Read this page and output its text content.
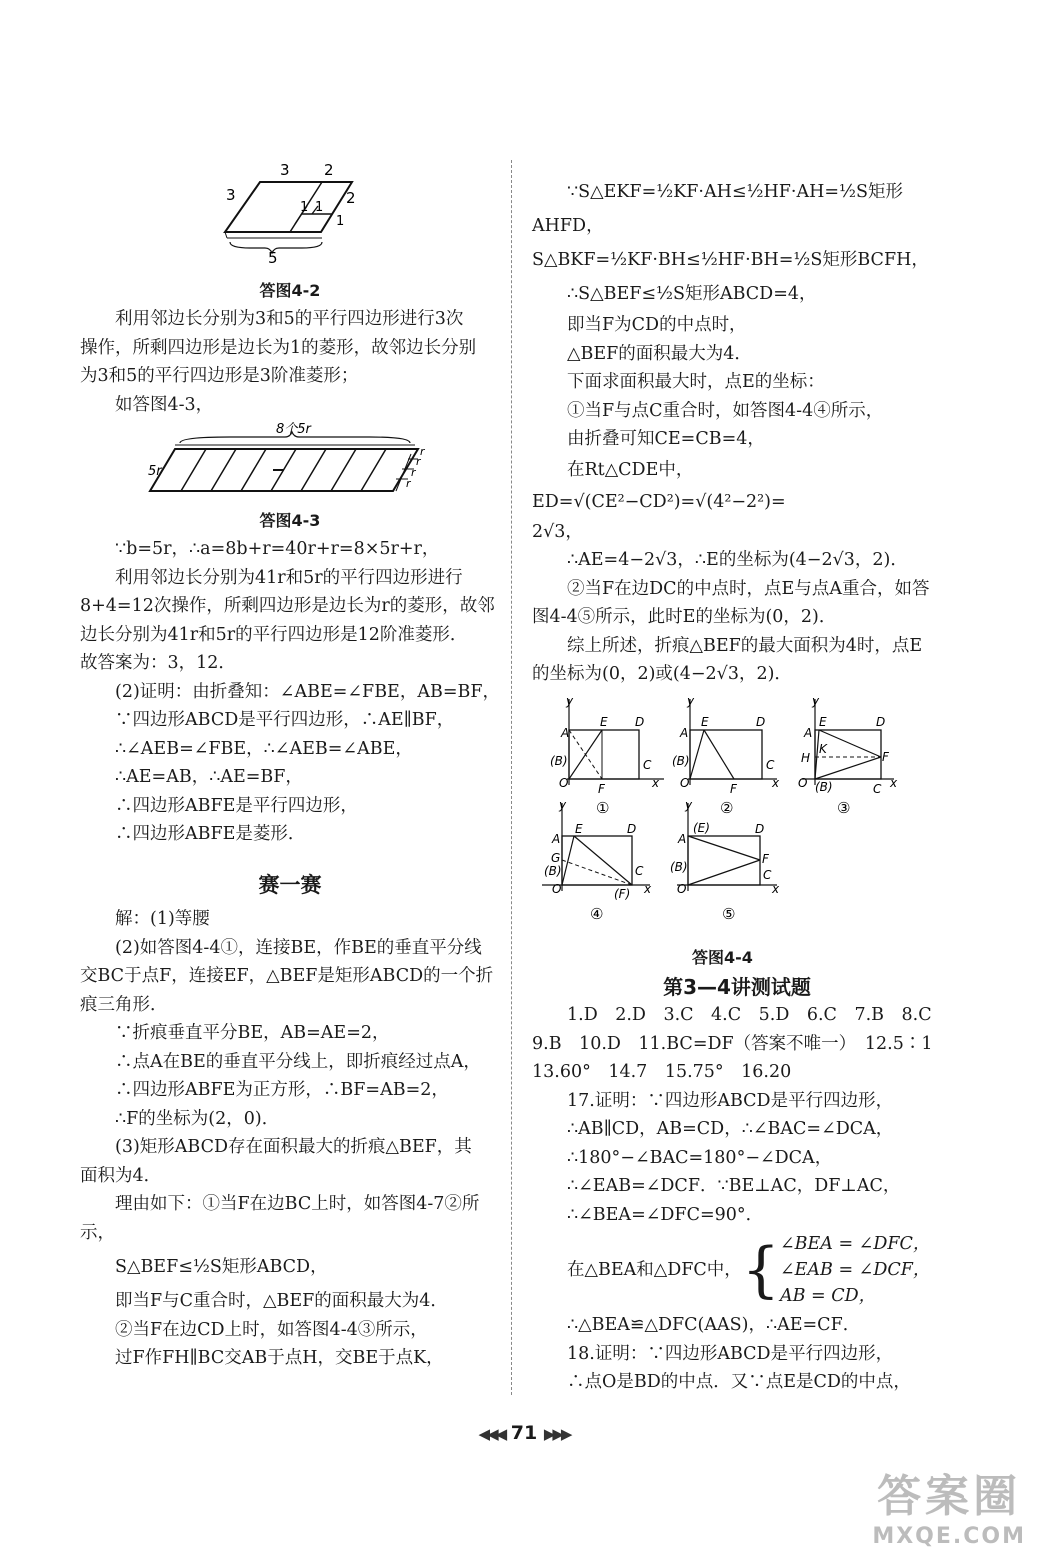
3 2
3	2
1 1
1
5

答图4-2

利用邻边长分别为3和5的平行四边形进行3次

操作，所剩四边形是边长为1的菱形，故邻边长分别

为3和5的平行四边形是3阶准菱形；

如答图4-3，

8个5r
5r
r
r
r
r

答图4-3

∵b=5r，∴a=8b+r=40r+r=8×5r+r，

利用邻边长分别为41r和5r的平行四边形进行

8+4=12次操作，所剩四边形是边长为r的菱形，故邻

边长分别为41r和5r的平行四边形是12阶准菱形．

故答案为：3，12．

(2)证明：由折叠知：∠ABE=∠FBE，AB=BF，

∵四边形ABCD是平行四边形，∴AE∥BF，

∴∠AEB=∠FBE，∴∠AEB=∠ABE，

∴AE=AB，∴AE=BF，

∴四边形ABFE是平行四边形，

∴四边形ABFE是菱形．

赛一赛

解：(1)等腰

(2)如答图4-4①，连接BE，作BE的垂直平分线

交BC于点F，连接EF，△BEF是矩形ABCD的一个折

痕三角形．

∵折痕垂直平分BE，AB=AE=2，

∴点A在BE的垂直平分线上，即折痕经过点A，

∴四边形ABFE为正方形，∴BF=AB=2，

∴F的坐标为(2，0)．

(3)矩形ABCD存在面积最大的折痕△BEF，其

面积为4．

理由如下：①当F在边BC上时，如答图4-7②所

示，

S△BEF≤½S矩形ABCD，

即当F与C重合时，△BEF的面积最大为4．

②当F在边CD上时，如答图4-4③所示，

过F作FH∥BC交AB于点H，交BE于点K，

∵S△EKF=½KF·AH≤½HF·AH=½S矩形AHFD，

S△BKF=½KF·BH≤½HF·BH=½S矩形BCFH，

∴S△BEF≤½S矩形ABCD=4，

即当F为CD的中点时，

△BEF的面积最大为4．

下面求面积最大时，点E的坐标：

①当F与点C重合时，如答图4-4④所示，

由折叠可知CE=CB=4，

在Rt△CDE中，ED=√(CE²−CD²)=√(4²−2²)=

2√3，

∴AE=4−2√3，∴E的坐标为(4−2√3，2)．

②当F在边DC的中点时，点E与点A重合，如答

图4-4⑤所示，此时E的坐标为(0，2)．

综上所述，折痕△BEF的最大面积为4时，点E

的坐标为(0，2)或(4−2√3，2)．

y
A
E D
(B)
O F
C
x
①
y
A
E	D
(B)
O	F
C
x
②
y
A
E	D
K
H	F
O (B)	C x
③
y
A
E	D
G
(B)
O
C
(F) x
④
y
A
(E)	D
F
(B)
O
C
x
⑤

答图4-4

第3—4讲测试题

1.D　2.D　3.C　4.C　5.D　6.C　7.B　8.C

9.B　10.D　11.BC=DF（答案不唯一）　12.5∶1

13.60°　14.7　15.75°　16.20

17.证明：∵四边形ABCD是平行四边形，

∴AB∥CD，AB=CD，∴∠BAC=∠DCA，

∴180°−∠BAC=180°−∠DCA，

∴∠EAB=∠DCF．∵BE⊥AC，DF⊥AC，

∴∠BEA=∠DFC=90°．

在△BEA和△DFC中，{ ∠BEA = ∠DFC，
∠EAB = ∠DCF，
AB = CD，

∴△BEA≌△DFC(AAS)，∴AE=CF．

18.证明：∵四边形ABCD是平行四边形，

∴点O是BD的中点．又∵点E是CD的中点，

◀◀◀ 71 ▶▶▶
答案圈
MXQE.COM
